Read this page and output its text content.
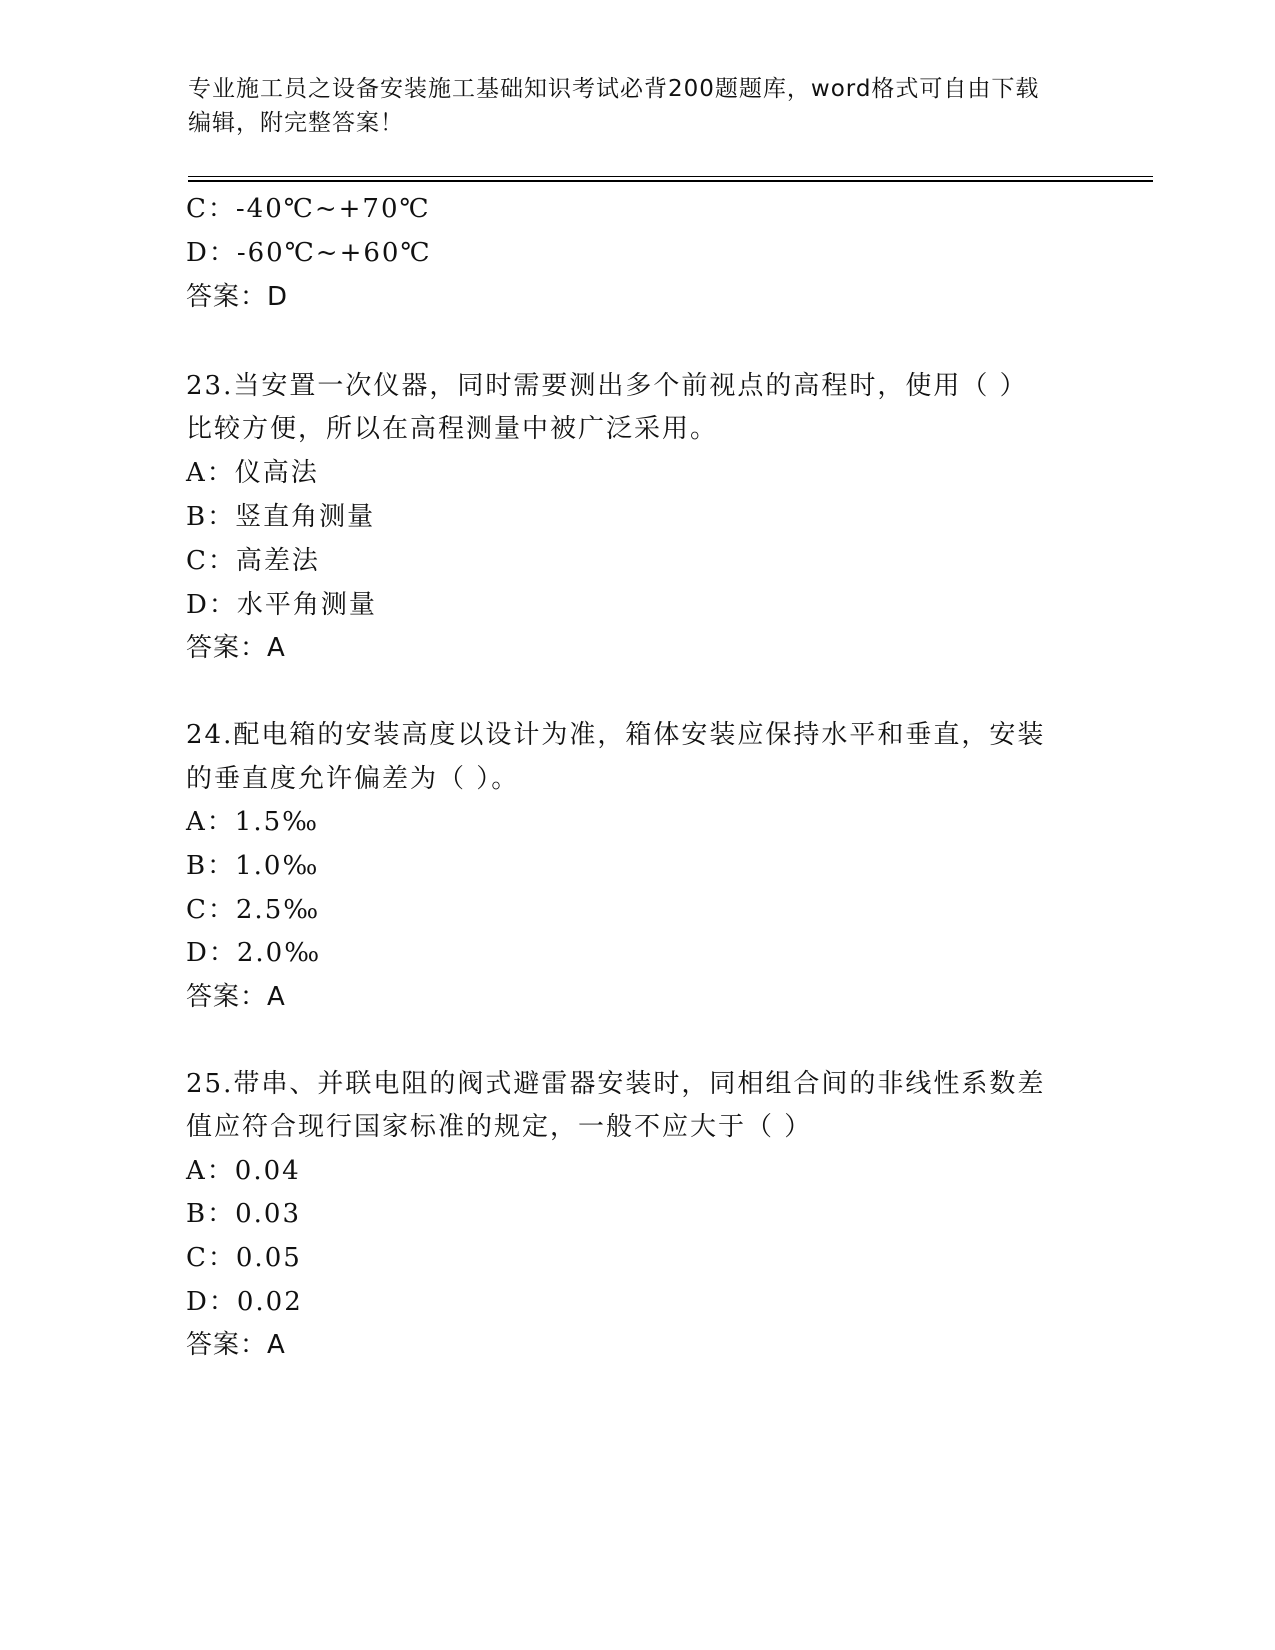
专业施工员之设备安装施工基础知识考试必背200题题库，word格式可自由下载
编辑，附完整答案！
C：-40℃~+70℃
D：-60℃~+60℃
答案：D
23.当安置一次仪器，同时需要测出多个前视点的高程时，使用（ ）
比较方便，所以在高程测量中被广泛采用。
A：仪高法
B：竖直角测量
C：高差法
D：水平角测量
答案：A
24.配电箱的安装高度以设计为准，箱体安装应保持水平和垂直，安装
的垂直度允许偏差为（ ）。
A：1.5‰
B：1.0‰
C：2.5‰
D：2.0‰
答案：A
25.带串、并联电阻的阀式避雷器安装时，同相组合间的非线性系数差
值应符合现行国家标准的规定，一般不应大于（ ）
A：0.04
B：0.03
C：0.05
D：0.02
答案：A
